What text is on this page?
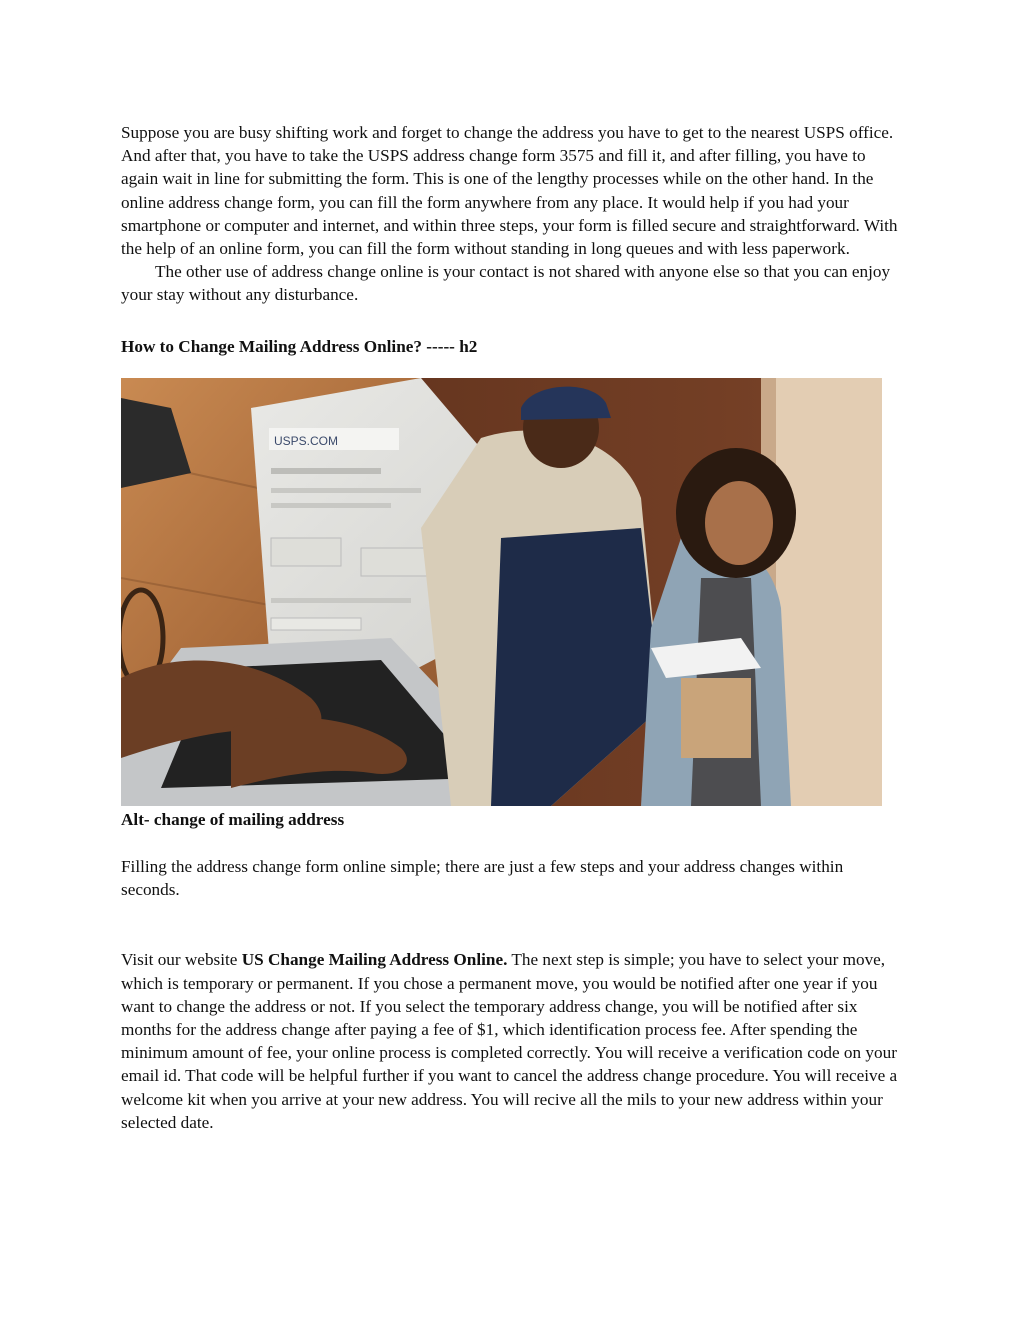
Suppose you are busy shifting work and forget to change the address you have to get to the nearest USPS office. And after that, you have to take the USPS address change form 3575 and fill it, and after filling, you have to again wait in line for submitting the form. This is one of the lengthy processes while on the other hand. In the online address change form, you can fill the form anywhere from any place. It would help if you had your smartphone or computer and internet, and within three steps, your form is filled secure and straightforward. With the help of an online form, you can fill the form without standing in long queues and with less paperwork.

The other use of address change online is your contact is not shared with anyone else so that you can enjoy your stay without any disturbance.

How to Change Mailing Address Online? ----- h2

USPS.COM

Alt- change of mailing address

Filling the address change form online simple; there are just a few steps and your address changes within seconds.

Visit our website US Change Mailing Address Online. The next step is simple; you have to select your move, which is temporary or permanent. If you chose a permanent move, you would be notified after one year if you want to change the address or not. If you select the temporary address change, you will be notified after six months for the address change after paying a fee of $1, which identification process fee. After spending the minimum amount of fee, your online process is completed correctly. You will receive a verification code on your email id. That code will be helpful further if you want to cancel the address change procedure. You will receive a welcome kit when you arrive at your new address. You will recive all the mils to your new address within your selected date.
